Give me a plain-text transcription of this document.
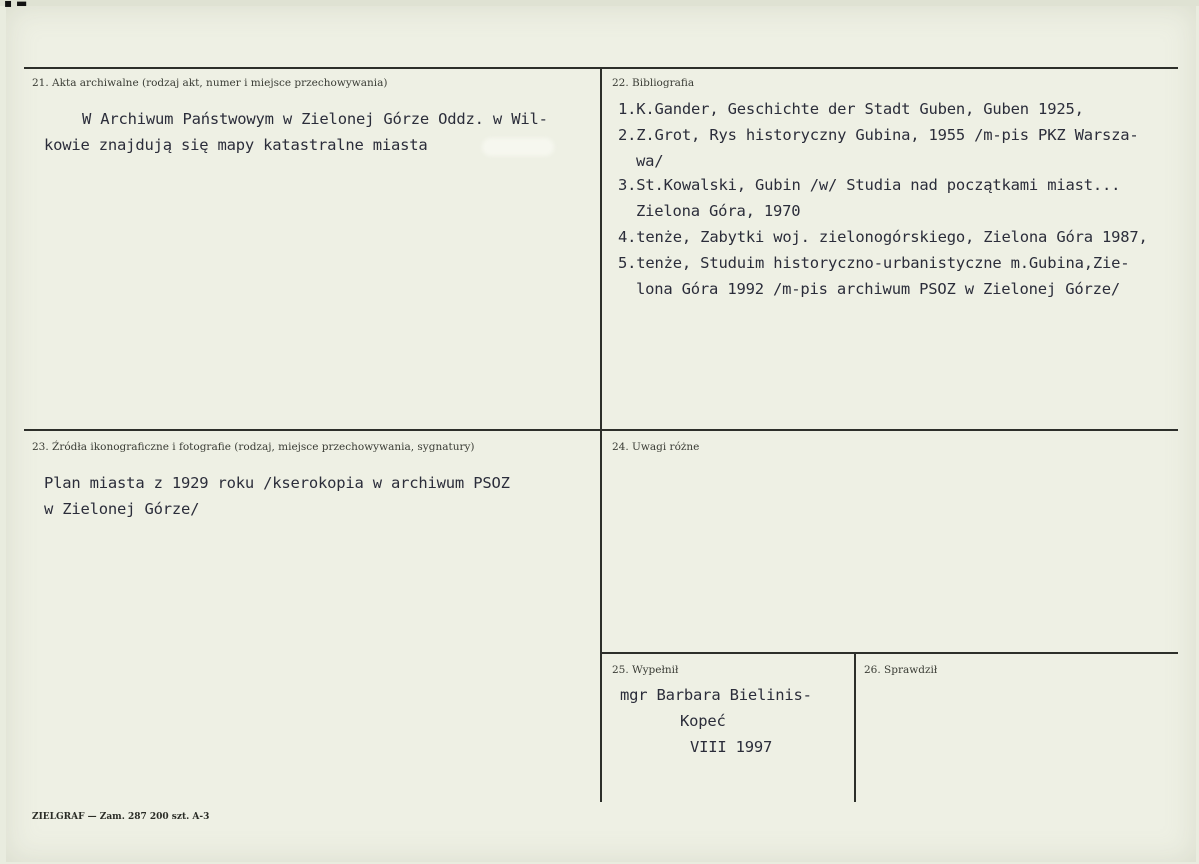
▪ ▬
21. Akta archiwalne (rodzaj akt, numer i miejsce przechowywania)
W Archiwum Państwowym w Zielonej Górze Oddz. w Wil-
kowie znajdują się mapy katastralne miasta
22. Bibliografia
1.K.Gander, Geschichte der Stadt Guben, Guben 1925,
2.Z.Grot, Rys historyczny Gubina, 1955 /m-pis PKZ Warsza-
wa/
3.St.Kowalski, Gubin /w/ Studia nad początkami miast...
Zielona Góra, 1970
4.tenże, Zabytki woj. zielonogórskiego, Zielona Góra 1987,
5.tenże, Studuim historyczno-urbanistyczne m.Gubina,Zie-
lona Góra 1992 /m-pis archiwum PSOZ w Zielonej Górze/
23. Źródła ikonograficzne i fotografie (rodzaj, miejsce przechowywania, sygnatury)
Plan miasta z 1929 roku /kserokopia w archiwum PSOZ
w Zielonej Górze/
24. Uwagi różne
25. Wypełnił
mgr Barbara Bielinis-
Kopeć
VIII 1997
26. Sprawdził
ZIELGRAF — Zam. 287 200 szt. A-3
